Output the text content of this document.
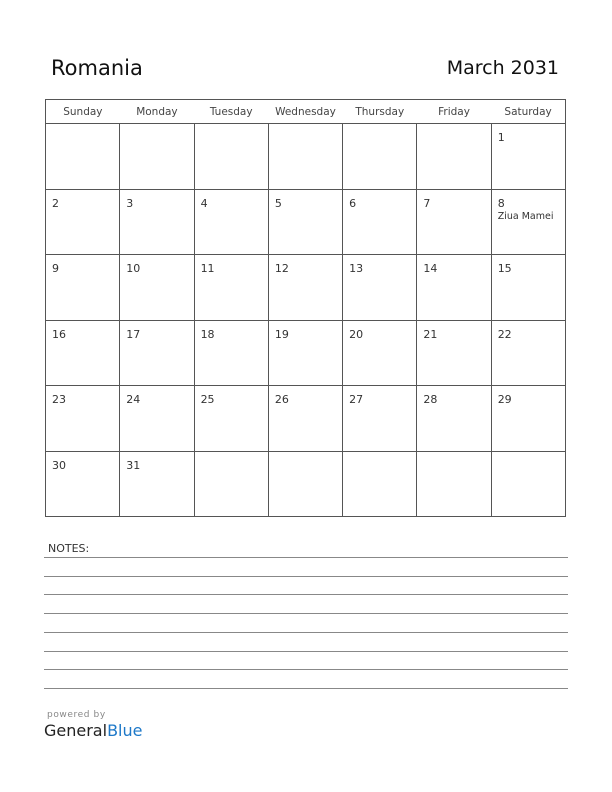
Romania	March 2031
Sunday	Monday	Tuesday	Wednesday	Thursday	Friday	Saturday

						1

2	3	4	5	6	7	8
Ziua Mamei

9	10	11	12	13	14	15

16	17	18	19	20	21	22

23	24	25	26	27	28	29

30	31					

NOTES:
powered by
GeneralBlue
